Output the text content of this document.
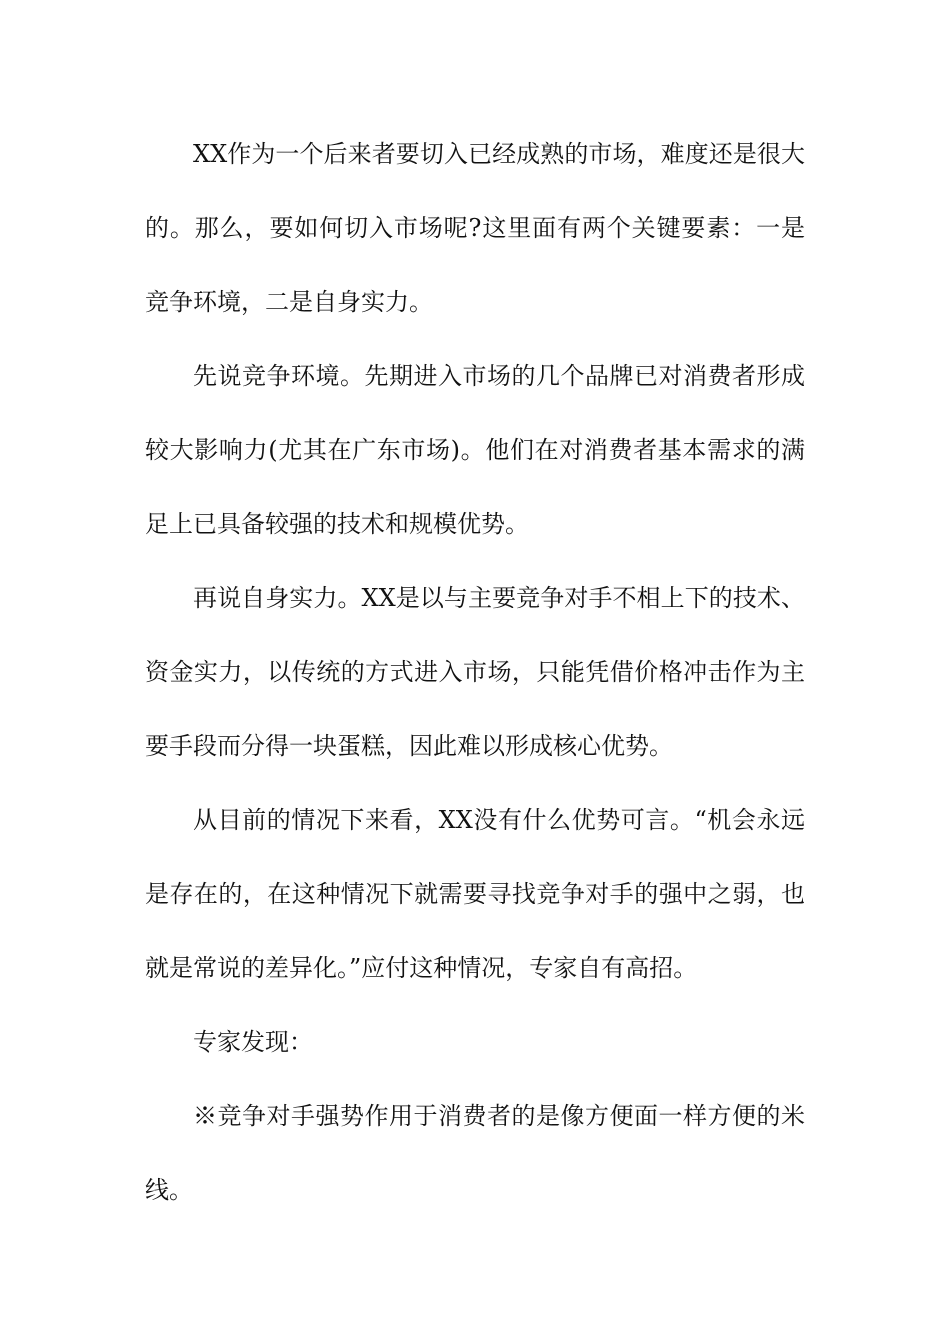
XX作为一个后来者要切入已经成熟的市场，难度还是很大的。那么，要如何切入市场呢?这里面有两个关键要素：一是竞争环境，二是自身实力。

先说竞争环境。先期进入市场的几个品牌已对消费者形成较大影响力(尤其在广东市场)。他们在对消费者基本需求的满足上已具备较强的技术和规模优势。

再说自身实力。XX是以与主要竞争对手不相上下的技术、资金实力，以传统的方式进入市场，只能凭借价格冲击作为主要手段而分得一块蛋糕，因此难以形成核心优势。

从目前的情况下来看，XX没有什么优势可言。“机会永远是存在的，在这种情况下就需要寻找竞争对手的强中之弱，也就是常说的差异化。”应付这种情况，专家自有高招。

专家发现：

※竞争对手强势作用于消费者的是像方便面一样方便的米线。
